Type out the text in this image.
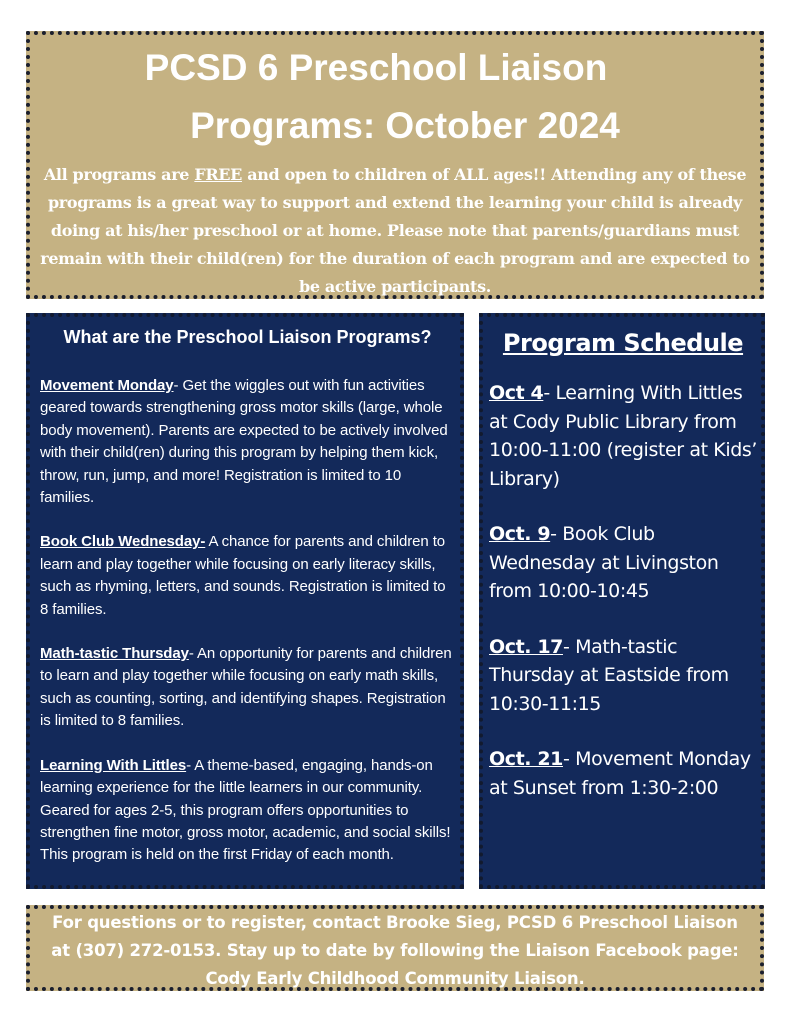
PCSD 6 Preschool Liaison
Programs: October 2024
All programs are FREE and open to children of ALL ages!! Attending any of these programs is a great way to support and extend the learning your child is already doing at his/her preschool or at home. Please note that parents/guardians must remain with their child(ren) for the duration of each program and are expected to be active participants.
What are the Preschool Liaison Programs?

Movement Monday- Get the wiggles out with fun activities geared towards strengthening gross motor skills (large, whole body movement). Parents are expected to be actively involved with their child(ren) during this program by helping them kick, throw, run, jump, and more! Registration is limited to 10 families.

Book Club Wednesday- A chance for parents and children to learn and play together while focusing on early literacy skills, such as rhyming, letters, and sounds. Registration is limited to 8 families.

Math-tastic Thursday- An opportunity for parents and children to learn and play together while focusing on early math skills, such as counting, sorting, and identifying shapes. Registration is limited to 8 families.

Learning With Littles- A theme-based, engaging, hands-on learning experience for the little learners in our community. Geared for ages 2-5, this program offers opportunities to strengthen fine motor, gross motor, academic, and social skills! This program is held on the first Friday of each month.

Program Schedule

Oct 4- Learning With Littles at Cody Public Library from 10:00-11:00 (register at Kids’ Library)

Oct. 9- Book Club Wednesday at Livingston from 10:00-10:45

Oct. 17- Math-tastic Thursday at Eastside from 10:30-11:15

Oct. 21- Movement Monday at Sunset from 1:30-2:00

For questions or to register, contact Brooke Sieg, PCSD 6 Preschool Liaison at (307) 272-0153. Stay up to date by following the Liaison Facebook page: Cody Early Childhood Community Liaison.
